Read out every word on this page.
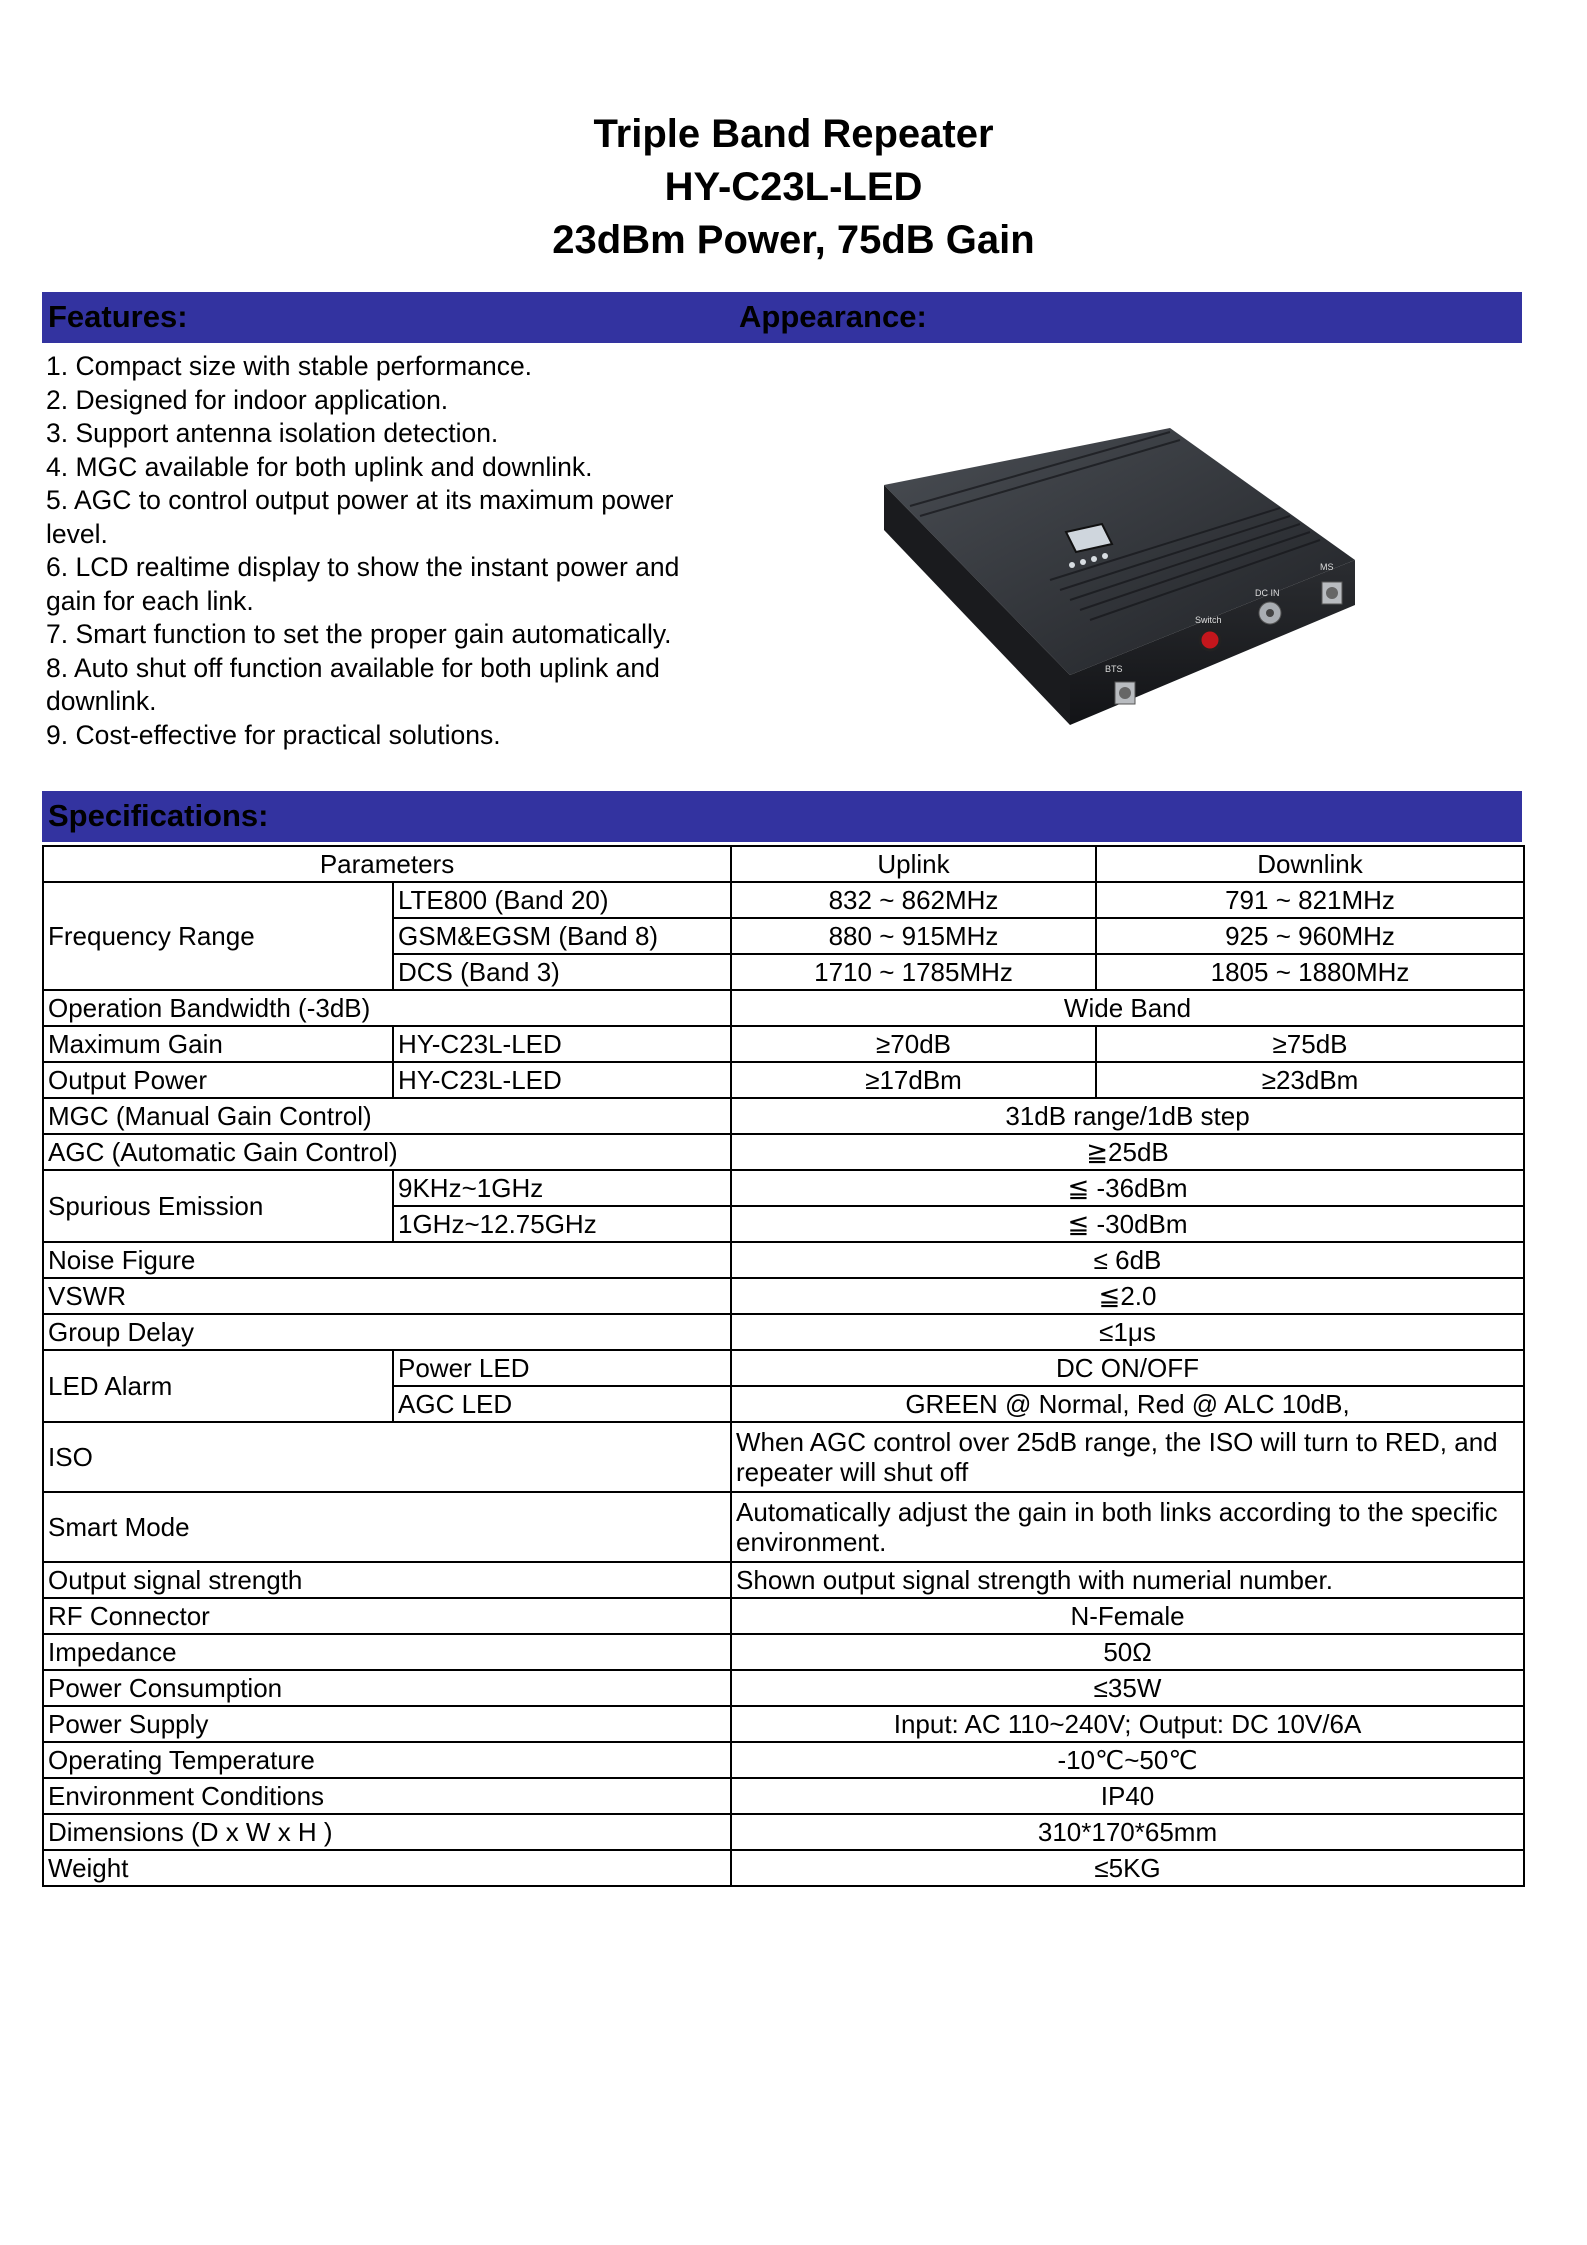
Triple Band Repeater
HY-C23L-LED
23dBm Power, 75dB Gain
Features:	Appearance:
1. Compact size with stable performance.
2. Designed for indoor application.
3. Support antenna isolation detection.
4. MGC available for both uplink and downlink.
5. AGC to control output power at its maximum power level.
6. LCD realtime display to show the instant power and gain for each link.
7. Smart function to set the proper gain automatically.
8. Auto shut off function available for both uplink and downlink.
9. Cost-effective for practical solutions.
BTS
Switch
DC IN
MS
Specifications:
Parameters		Uplink	Downlink
Frequency Range	LTE800 (Band 20)	832 ~ 862MHz	791 ~ 821MHz
	GSM&EGSM (Band 8)	880 ~ 915MHz	925 ~ 960MHz
	DCS (Band 3)	1710 ~ 1785MHz	1805 ~ 1880MHz
Operation Bandwidth (-3dB)		Wide Band	
Maximum Gain	HY-C23L-LED	≥70dB	≥75dB
Output Power	HY-C23L-LED	≥17dBm	≥23dBm
MGC (Manual Gain Control)		31dB range/1dB step	
AGC (Automatic Gain Control)		≧25dB	
Spurious Emission	9KHz~1GHz	≦ -36dBm	
	1GHz~12.75GHz	≦ -30dBm	
Noise Figure		≤ 6dB	
VSWR		≦2.0	
Group Delay		≤1μs	
LED Alarm	Power LED	DC ON/OFF	
	AGC LED	GREEN @ Normal, Red @ ALC 10dB,	
ISO		When AGC control over 25dB range, the ISO will turn to RED, and repeater will shut off	
Smart Mode		Automatically adjust the gain in both links according to the specific environment.	
Output signal strength		Shown output signal strength with numerial number.	
RF Connector		N-Female	
Impedance		50Ω	
Power Consumption		≤35W	
Power Supply		Input: AC 110~240V; Output: DC 10V/6A	
Operating Temperature		-10℃~50℃	
Environment Conditions		IP40	
Dimensions (D x W x H )		310*170*65mm	
Weight		≤5KG	
